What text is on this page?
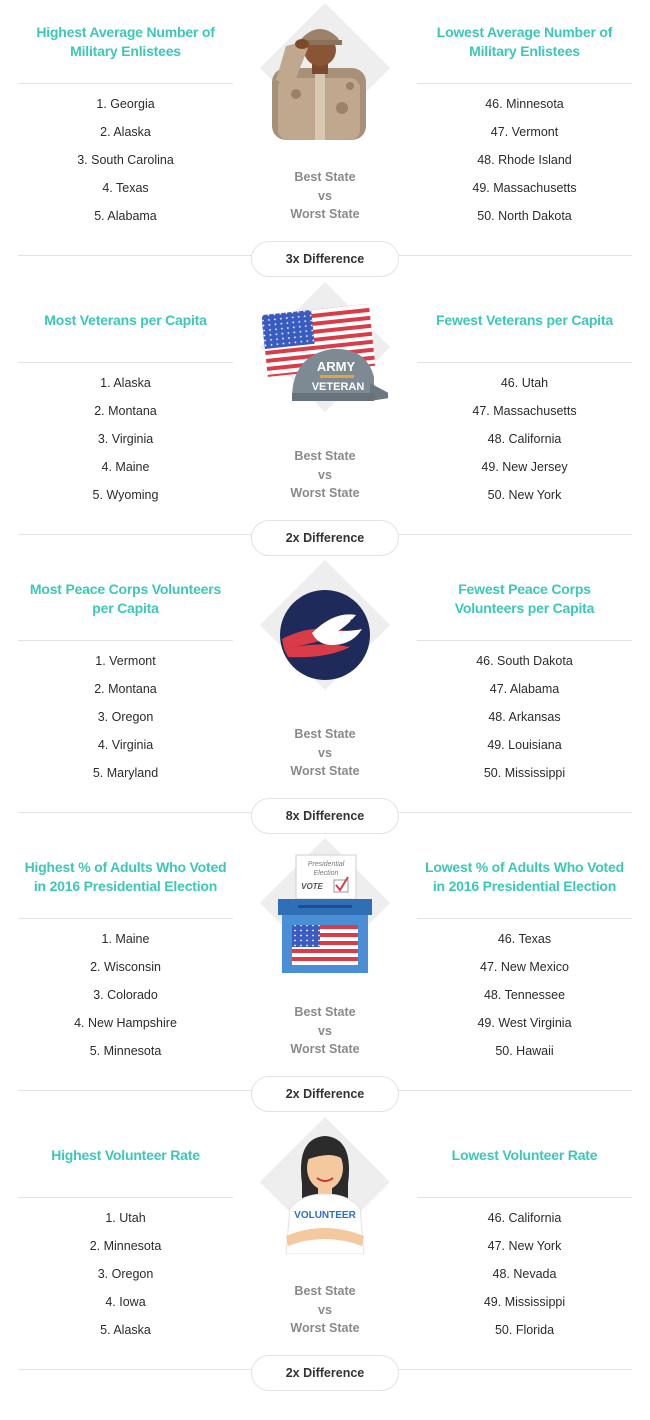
Highest Average Number of Military Enlistees
1. Georgia
2. Alaska
3. South Carolina
4. Texas
5. Alabama
Best State
vs
Worst State
Lowest Average Number of Military Enlistees
46. Minnesota
47. Vermont
48. Rhode Island
49. Massachusetts
50. North Dakota
3x Difference
Most Veterans per Capita
1. Alaska
2. Montana
3. Virginia
4. Maine
5. Wyoming
ARMY
VETERAN
Best State
vs
Worst State
Fewest Veterans per Capita
46. Utah
47. Massachusetts
48. California
49. New Jersey
50. New York
2x Difference
Most Peace Corps Volunteers per Capita
1. Vermont
2. Montana
3. Oregon
4. Virginia
5. Maryland
Best State
vs
Worst State
Fewest Peace Corps Volunteers per Capita
46. South Dakota
47. Alabama
48. Arkansas
49. Louisiana
50. Mississippi
8x Difference
Highest % of Adults Who Voted in 2016 Presidential Election
1. Maine
2. Wisconsin
3. Colorado
4. New Hampshire
5. Minnesota
Presidential
Election
VOTE
Best State
vs
Worst State
Lowest % of Adults Who Voted in 2016 Presidential Election
46. Texas
47. New Mexico
48. Tennessee
49. West Virginia
50. Hawaii
2x Difference
Highest Volunteer Rate
1. Utah
2. Minnesota
3. Oregon
4. Iowa
5. Alaska
VOLUNTEER
Best State
vs
Worst State
Lowest Volunteer Rate
46. California
47. New York
48. Nevada
49. Mississippi
50. Florida
2x Difference
